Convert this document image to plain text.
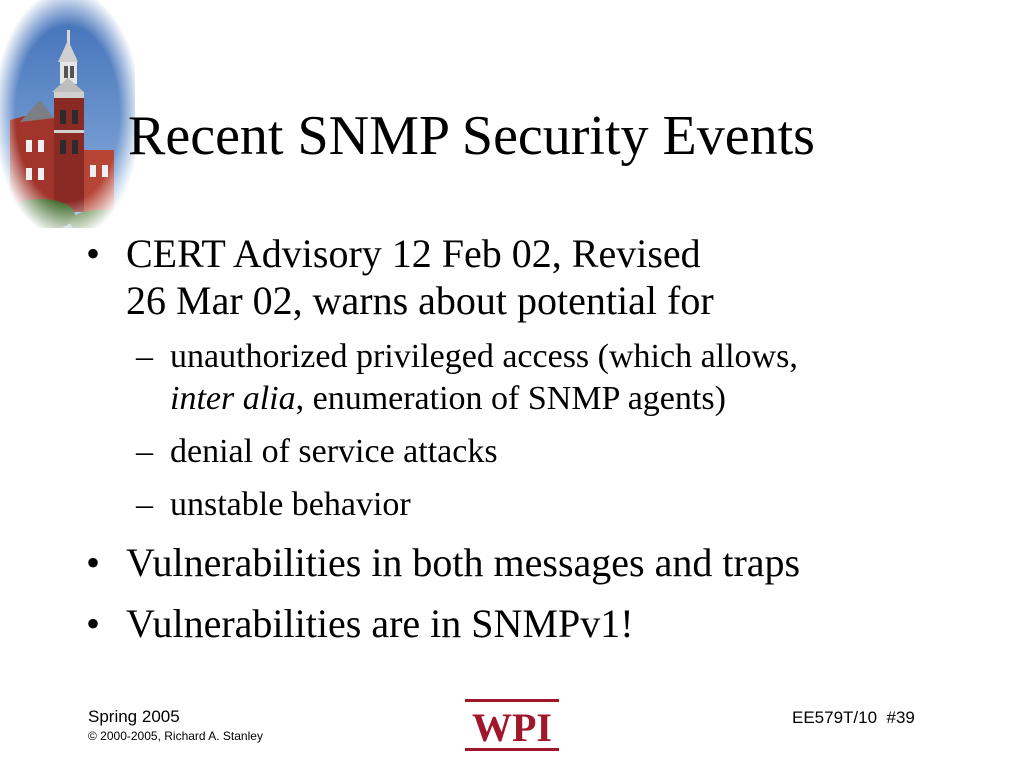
Recent SNMP Security Events
• CERT Advisory 12 Feb 02, Revised
26 Mar 02, warns about potential for
– unauthorized privileged access (which allows,
inter alia, enumeration of SNMP agents)
– denial of service attacks
– unstable behavior
• Vulnerabilities in both messages and traps
• Vulnerabilities are in SNMPv1!
Spring 2005
© 2000-2005, Richard A. Stanley
EE579T/10  #39
WPI
